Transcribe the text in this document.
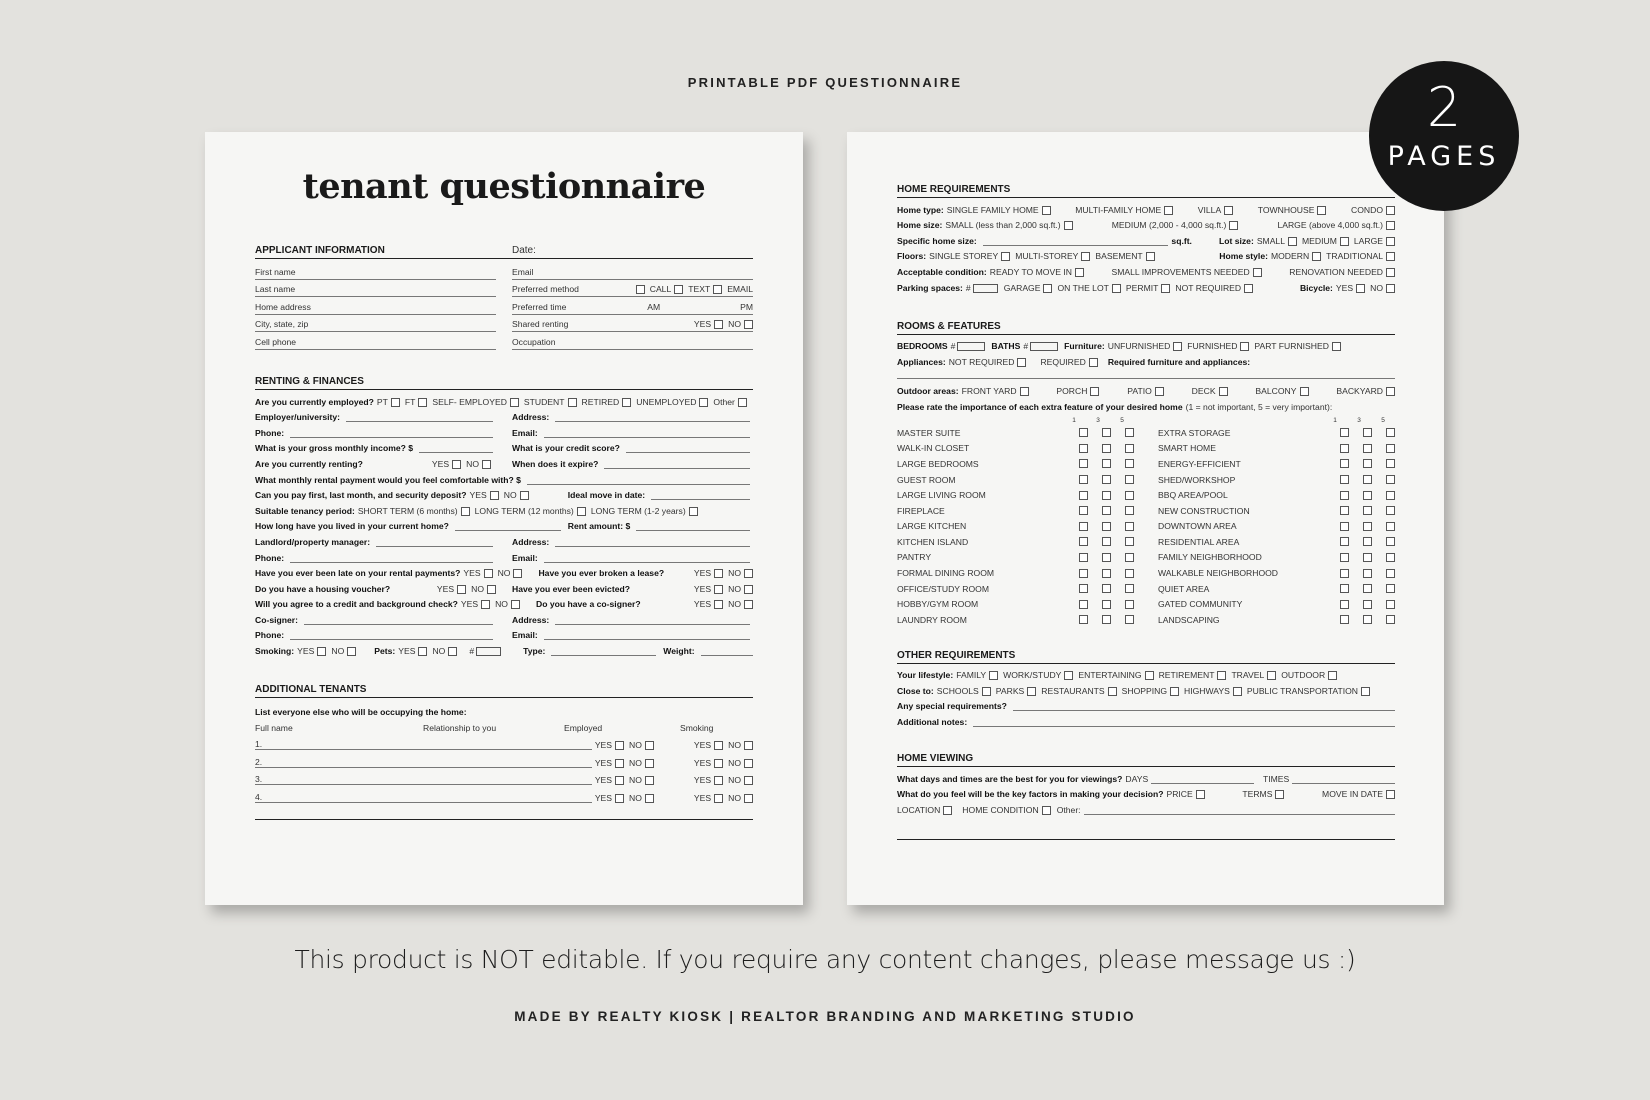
PRINTABLE PDF QUESTIONNAIRE
tenant questionnaire
APPLICANT INFORMATION	Date:
First name	Email
Last name	Preferred method	CALL TEXT EMAIL
Home address	Preferred time	AM	PM
City, state, zip	Shared renting	YES NO
Cell phone	Occupation
RENTING & FINANCES
Are you currently employed? PT FT SELF- EMPLOYED STUDENT RETIRED UNEMPLOYED Other
Employer/university:	Address:
Phone:	Email:
What is your gross monthly income? $	What is your credit score?
Are you currently renting?	YES NO	When does it expire?
What monthly rental payment would you feel comfortable with? $
Can you pay first, last month, and security deposit? YES NO	Ideal move in date:
Suitable tenancy period: SHORT TERM (6 months) LONG TERM (12 months) LONG TERM (1-2 years)
How long have you lived in your current home?	Rent amount: $
Landlord/property manager:	Address:
Phone:	Email:
Have you ever been late on your rental payments? YES NO	Have you ever broken a lease?	YES NO
Do you have a housing voucher?	YES NO	Have you ever been evicted?	YES NO
Will you agree to a credit and background check? YES NO	Do you have a co-signer?	YES NO
Co-signer:	Address:
Phone:	Email:
Smoking: YES NO	Pets: YES NO	#	Type:	Weight:
ADDITIONAL TENANTS
List everyone else who will be occupying the home:
Full name	Relationship to you	Employed	Smoking
1.	YES NO	YES NO
2.	YES NO	YES NO
3.	YES NO	YES NO
4.	YES NO	YES NO
HOME REQUIREMENTS
Home type: SINGLE FAMILY HOME	MULTI-FAMILY HOME	VILLA	TOWNHOUSE	CONDO
Home size: SMALL (less than 2,000 sq.ft.)	MEDIUM (2,000 - 4,000 sq.ft.)	LARGE (above 4,000 sq.ft.)
Specific home size:	sq.ft.	Lot size: SMALL MEDIUM LARGE
Floors: SINGLE STOREY MULTI-STOREY BASEMENT	Home style: MODERN TRADITIONAL
Acceptable condition: READY TO MOVE IN	SMALL IMPROVEMENTS NEEDED	RENOVATION NEEDED
Parking spaces: #	GARAGE ON THE LOT PERMIT NOT REQUIRED	Bicycle: YES NO
ROOMS & FEATURES
BEDROOMS #	BATHS #	Furniture: UNFURNISHED FURNISHED PART FURNISHED
Appliances: NOT REQUIRED	REQUIRED	Required furniture and appliances:
Outdoor areas: FRONT YARD	PORCH	PATIO	DECK	BALCONY	BACKYARD
Please rate the importance of each extra feature of your desired home (1 = not important, 5 = very important):
1	3	5
MASTER SUITE
WALK-IN CLOSET
LARGE BEDROOMS
GUEST ROOM
LARGE LIVING ROOM
FIREPLACE
LARGE KITCHEN
KITCHEN ISLAND
PANTRY
FORMAL DINING ROOM
OFFICE/STUDY ROOM
HOBBY/GYM ROOM
LAUNDRY ROOM
1	3	5
EXTRA STORAGE
SMART HOME
ENERGY-EFFICIENT
SHED/WORKSHOP
BBQ AREA/POOL
NEW CONSTRUCTION
DOWNTOWN AREA
RESIDENTIAL AREA
FAMILY NEIGHBORHOOD
WALKABLE NEIGHBORHOOD
QUIET AREA
GATED COMMUNITY
LANDSCAPING
OTHER REQUIREMENTS
Your lifestyle: FAMILY WORK/STUDY ENTERTAINING RETIREMENT TRAVEL OUTDOOR
Close to: SCHOOLS PARKS RESTAURANTS SHOPPING HIGHWAYS PUBLIC TRANSPORTATION
Any special requirements?
Additional notes:
HOME VIEWING
What days and times are the best for you for viewings? DAYS	TIMES
What do you feel will be the key factors in making your decision? PRICE	TERMS	MOVE IN DATE
LOCATION	HOME CONDITION Other:
2
PAGES
This product is NOT editable. If you require any content changes, please message us :)
MADE BY REALTY KIOSK | REALTOR BRANDING AND MARKETING STUDIO
